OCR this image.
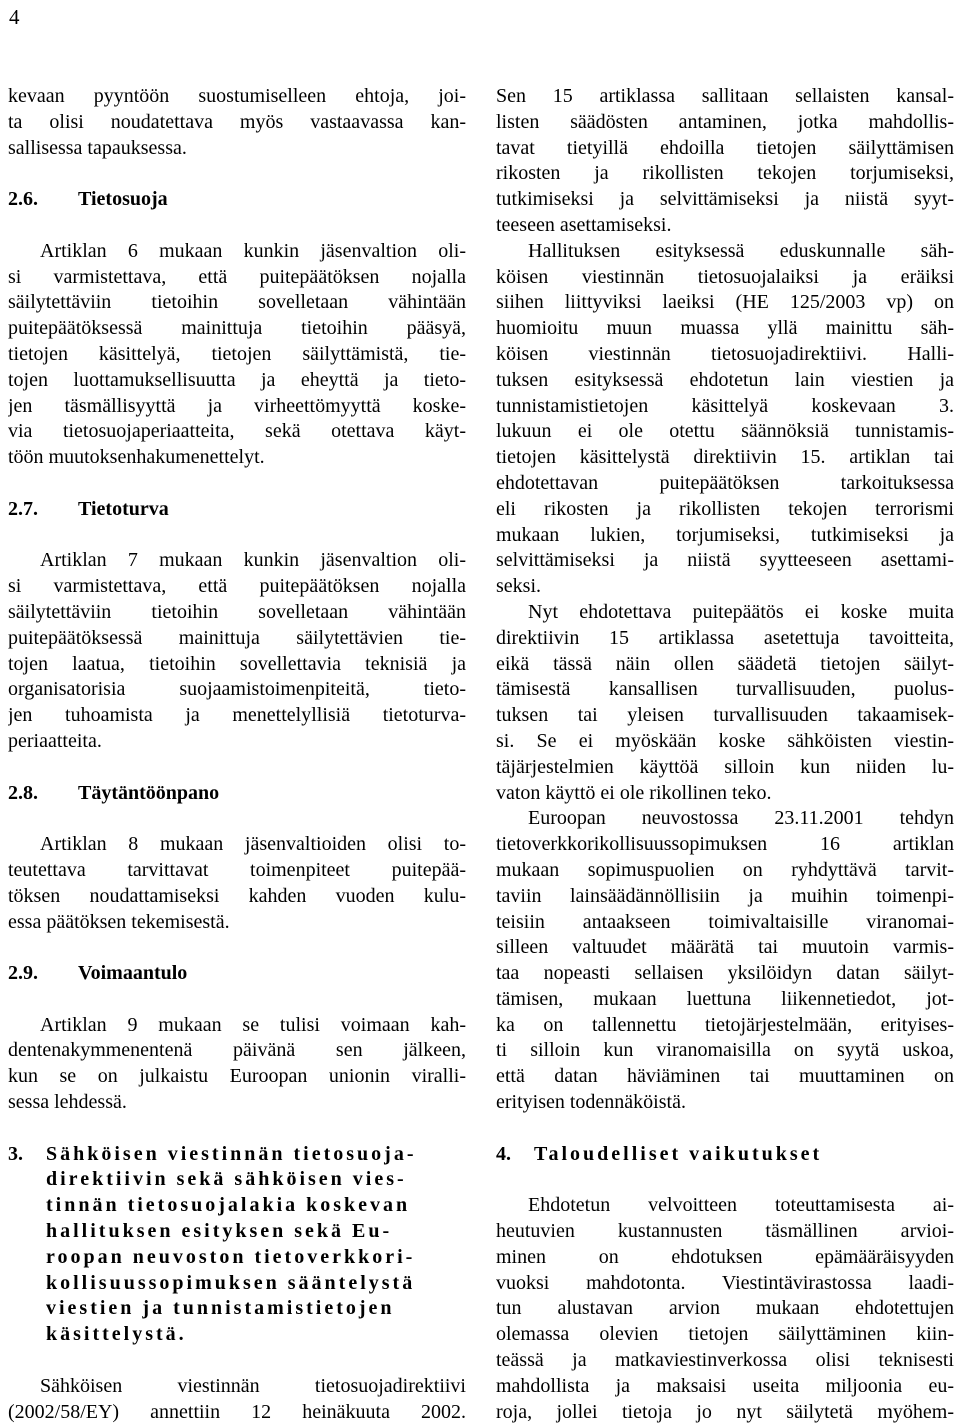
4
kevaan pyyntöön suostumiselleen ehtoja, joi-
ta olisi noudatettava myös vastaavassa kan-
sallisessa tapauksessa.
2.6. Tietosuoja
Artiklan 6 mukaan kunkin jäsenvaltion oli-
si varmistettava, että puitepäätöksen nojalla
säilytettäviin tietoihin sovelletaan vähintään
puitepäätöksessä mainittuja tietoihin pääsyä,
tietojen käsittelyä, tietojen säilyttämistä, tie-
tojen luottamuksellisuutta ja eheyttä ja tieto-
jen täsmällisyyttä ja virheettömyyttä koske-
via tietosuojaperiaatteita, sekä otettava käyt-
töön muutoksenhakumenettelyt.
2.7. Tietoturva
Artiklan 7 mukaan kunkin jäsenvaltion oli-
si varmistettava, että puitepäätöksen nojalla
säilytettäviin tietoihin sovelletaan vähintään
puitepäätöksessä mainittuja säilytettävien tie-
tojen laatua, tietoihin sovellettavia teknisiä ja
organisatorisia suojaamistoimenpiteitä, tieto-
jen tuhoamista ja menettelyllisiä tietoturva-
periaatteita.
2.8. Täytäntöönpano
Artiklan 8 mukaan jäsenvaltioiden olisi to-
teutettava tarvittavat toimenpiteet puitepää-
töksen noudattamiseksi kahden vuoden kulu-
essa päätöksen tekemisestä.
2.9. Voimaantulo
Artiklan 9 mukaan se tulisi voimaan kah-
dentenakymmenentenä päivänä sen jälkeen,
kun se on julkaistu Euroopan unionin viralli-
sessa lehdessä.
3. Sähköisen viestinnän tietosuoja-
direktiivin sekä sähköisen vies-
tinnän tietosuojalakia koskevan
hallituksen esityksen sekä Eu-
roopan neuvoston tietoverkkori-
kollisuussopimuksen sääntelystä
viestien ja tunnistamistietojen
käsittelystä.
Sähköisen viestinnän tietosuojadirektiivi
(2002/58/EY) annettiin 12 heinäkuuta 2002.
Sen 15 artiklassa sallitaan sellaisten kansal-
listen säädösten antaminen, jotka mahdollis-
tavat tietyillä ehdoilla tietojen säilyttämisen
rikosten ja rikollisten tekojen torjumiseksi,
tutkimiseksi ja selvittämiseksi ja niistä syyt-
teeseen asettamiseksi.
Hallituksen esityksessä eduskunnalle säh-
köisen viestinnän tietosuojalaiksi ja eräiksi
siihen liittyviksi laeiksi (HE 125/2003 vp) on
huomioitu muun muassa yllä mainittu säh-
köisen viestinnän tietosuojadirektiivi. Halli-
tuksen esityksessä ehdotetun lain viestien ja
tunnistamistietojen käsittelyä koskevaan 3.
lukuun ei ole otettu säännöksiä tunnistamis-
tietojen käsittelystä direktiivin 15. artiklan tai
ehdotettavan puitepäätöksen tarkoituksessa
eli rikosten ja rikollisten tekojen terrorismi
mukaan lukien, torjumiseksi, tutkimiseksi ja
selvittämiseksi ja niistä syytteeseen asettami-
seksi.
Nyt ehdotettava puitepäätös ei koske muita
direktiivin 15 artiklassa asetettuja tavoitteita,
eikä tässä näin ollen säädetä tietojen säilyt-
tämisestä kansallisen turvallisuuden, puolus-
tuksen tai yleisen turvallisuuden takaamisek-
si. Se ei myöskään koske sähköisten viestin-
täjärjestelmien käyttöä silloin kun niiden lu-
vaton käyttö ei ole rikollinen teko.
Euroopan neuvostossa 23.11.2001 tehdyn
tietoverkkorikollisuussopimuksen 16 artiklan
mukaan sopimuspuolien on ryhdyttävä tarvit-
taviin lainsäädännöllisiin ja muihin toimenpi-
teisiin antaakseen toimivaltaisille viranomai-
silleen valtuudet määrätä tai muutoin varmis-
taa nopeasti sellaisen yksilöidyn datan säilyt-
tämisen, mukaan luettuna liikennetiedot, jot-
ka on tallennettu tietojärjestelmään, erityises-
ti silloin kun viranomaisilla on syytä uskoa,
että datan häviäminen tai muuttaminen on
erityisen todennäköistä.
4. Taloudelliset vaikutukset
Ehdotetun velvoitteen toteuttamisesta ai-
heutuvien kustannusten täsmällinen arvioi-
minen on ehdotuksen epämääräisyyden
vuoksi mahdotonta. Viestintävirastossa laadi-
tun alustavan arvion mukaan ehdotettujen
olemassa olevien tietojen säilyttäminen kiin-
teässä ja matkaviestinverkossa olisi teknisesti
mahdollista ja maksaisi useita miljoonia eu-
roja, jollei tietoja jo nyt säilytetä myöhem-
